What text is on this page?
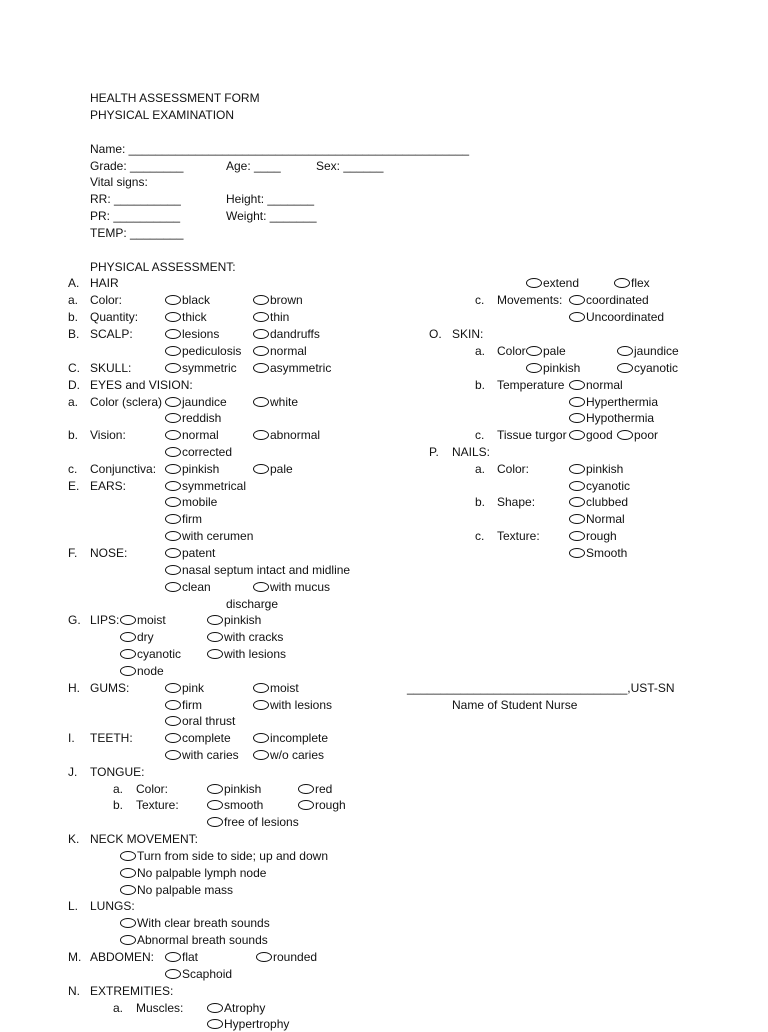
HEALTH ASSESSMENT FORM
PHYSICAL EXAMINATION
Name: ___________________________________________________
Grade: ________	Age: ____	Sex: ______
Vital signs:
RR: __________	Height: _______
PR: __________	Weight: _______
TEMP: ________
PHYSICAL ASSESSMENT:
A. HAIR
a. Color:	black	brown
b. Quantity:	thick	thin
B. SCALP:	lesions	dandruffs
pediculosis	normal
C. SKULL:	symmetric	asymmetric
D. EYES and VISION:
a. Color (sclera)	jaundice	white
reddish
b. Vision:	normal	abnormal
corrected
c. Conjunctiva:	pinkish	pale
E. EARS:	symmetrical
mobile
firm
with cerumen
F. NOSE:	patent
nasal septum intact and midline
clean	with mucus
discharge
G. LIPS:	moist	pinkish
dry	with cracks
cyanotic	with lesions
node
H. GUMS:	pink	moist
firm	with lesions
oral thrust
I. TEETH:	complete	incomplete
with caries	w/o caries
J. TONGUE:
a. Color:	pinkish	red
b. Texture:	smooth	rough
free of lesions
K. NECK MOVEMENT:
Turn from side to side; up and down
No palpable lymph node
No palpable mass
L. LUNGS:
With clear breath sounds
Abnormal breath sounds
M. ABDOMEN:	flat	rounded
Scaphoid
N. EXTREMITIES:
a. Muscles:	Atrophy
Hypertrophy
extend	flex
c. Movements:	coordinated
Uncoordinated
O. SKIN:
a. Color	pale	jaundice
pinkish	cyanotic
b. Temperature	normal
Hyperthermia
Hypothermia
c. Tissue turgor	good	poor
P. NAILS:
a. Color:	pinkish
cyanotic
b. Shape:	clubbed
Normal
c. Texture:	rough
Smooth
_________________________________,UST-SN
Name of Student Nurse
